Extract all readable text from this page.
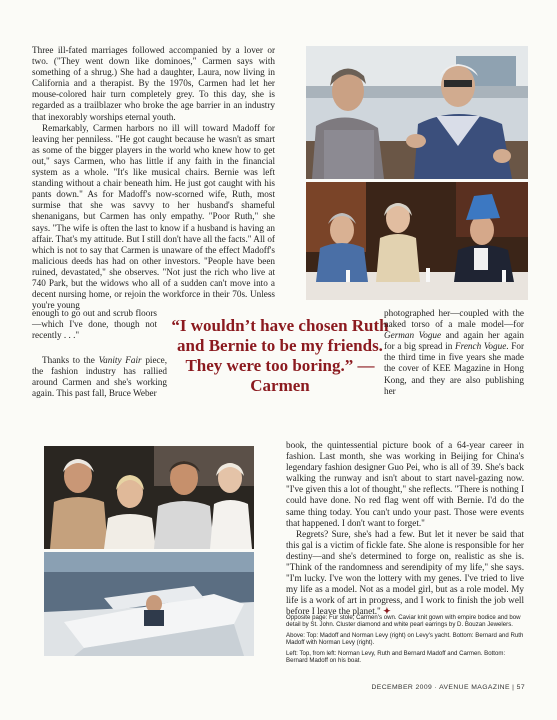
Three ill-fated marriages followed accompanied by a lover or two. ("They went down like dominoes," Carmen says with something of a shrug.) She had a daughter, Laura, now living in California and a therapist. By the 1970s, Carmen had let her mouse-colored hair turn completely grey. To this day, she is regarded as a trailblazer who broke the age barrier in an industry that inexorably worships eternal youth.

Remarkably, Carmen harbors no ill will toward Madoff for leaving her penniless. "He got caught because he wasn't as smart as some of the bigger players in the world who knew how to get out," says Carmen, who has little if any faith in the financial system as a whole. "It's like musical chairs. Bernie was left standing without a chair beneath him. He just got caught with his pants down." As for Madoff's now-scorned wife, Ruth, most surmise that she was savvy to her husband's shameful shenanigans, but Carmen has only empathy. "Poor Ruth," she says. "The wife is often the last to know if a husband is having an affair. That's my attitude. But I still don't have all the facts." All of which is not to say that Carmen is unaware of the effect Madoff's malicious deeds has had on other investors. "People have been ruined, devastated," she observes. "Not just the rich who live at 740 Park, but the widows who all of a sudden can't move into a decent nursing home, or rejoin the workforce in their 70s. Unless you're young

enough to go out and scrub floors—which I've done, though not recently . . ."

Thanks to the Vanity Fair piece, the fashion industry has rallied around Carmen and she's working again. This past fall, Bruce Weber

“I wouldn’t have chosen Ruth and Bernie to be my friends. They were too boring.” —Carmen

photographed her—coupled with the naked torso of a male model—for German Vogue and again her again for a big spread in French Vogue. For the third time in five years she made the cover of KEE Magazine in Hong Kong, and they are also publishing her

book, the quintessential picture book of a 64-year career in fashion. Last month, she was working in Beijing for China's legendary fashion designer Guo Pei, who is all of 39. She's back walking the runway and isn't about to start navel-gazing now. "I've given this a lot of thought," she reflects. "There is nothing I could have done. No red flag went off with Bernie. I'd do the same thing today. You can't undo your past. Those were events that happened. I don't want to forget."

Regrets? Sure, she's had a few. But let it never be said that this gal is a victim of fickle fate. She alone is responsible for her destiny—and she's determined to forge on, realistic as she is. "Think of the randomness and serendipity of my life," she says. "I'm lucky. I've won the lottery with my genes. I've tried to live my life as a model. Not as a model girl, but as a role model. My life is a work of art in progress, and I work to finish the job well before I leave the planet." ✦

Opposite page: Fur stole, Carmen's own. Caviar knit gown with empire bodice and bow detail by St. John. Cluster diamond and white pearl earrings by D. Bouzan Jewelers.

Above: Top: Madoff and Norman Levy (right) on Levy's yacht. Bottom: Bernard and Ruth Madoff with Norman Levy (right).

Left: Top, from left: Norman Levy, Ruth and Bernard Madoff and Carmen. Bottom: Bernard Madoff on his boat.

DECEMBER 2009 · AVENUE MAGAZINE | 57
